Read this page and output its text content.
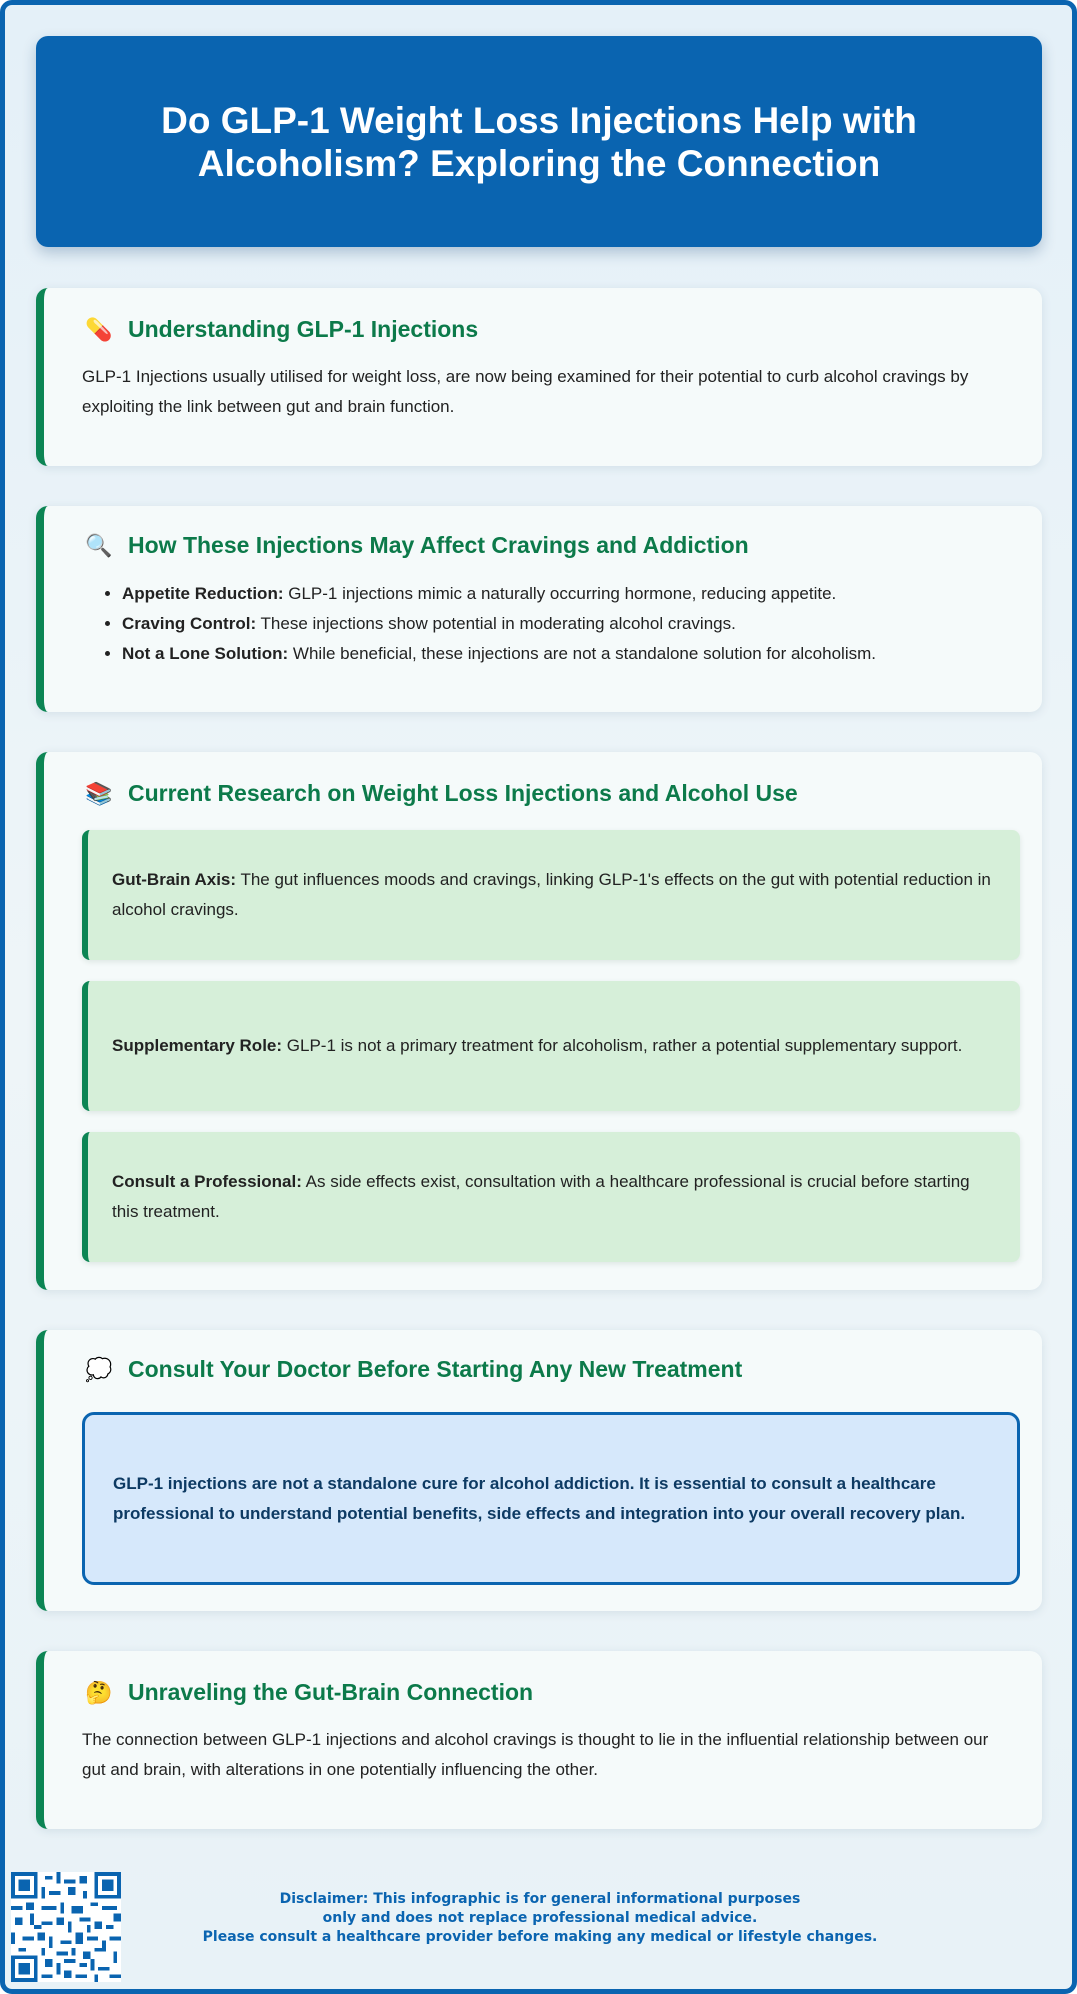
Do GLP-1 Weight Loss Injections Help with Alcoholism? Exploring the Connection
💊 Understanding GLP-1 Injections

GLP-1 Injections usually utilised for weight loss, are now being examined for their potential to curb alcohol cravings by exploiting the link between gut and brain function.

🔍 How These Injections May Affect Cravings and Addiction
• Appetite Reduction: GLP-1 injections mimic a naturally occurring hormone, reducing appetite.
• Craving Control: These injections show potential in moderating alcohol cravings.
• Not a Lone Solution: While beneficial, these injections are not a standalone solution for alcoholism.
📚 Current Research on Weight Loss Injections and Alcohol Use

Gut-Brain Axis: The gut influences moods and cravings, linking GLP-1's effects on the gut with potential reduction in alcohol cravings.

Supplementary Role: GLP-1 is not a primary treatment for alcoholism, rather a potential supplementary support.

Consult a Professional: As side effects exist, consultation with a healthcare professional is crucial before starting this treatment.

💭 Consult Your Doctor Before Starting Any New Treatment

GLP-1 injections are not a standalone cure for alcohol addiction. It is essential to consult a healthcare professional to understand potential benefits, side effects and integration into your overall recovery plan.

🤔 Unraveling the Gut-Brain Connection

The connection between GLP-1 injections and alcohol cravings is thought to lie in the influential relationship between our gut and brain, with alterations in one potentially influencing the other.

Disclaimer: This infographic is for general informational purposes
only and does not replace professional medical advice.
Please consult a healthcare provider before making any medical or lifestyle changes.
